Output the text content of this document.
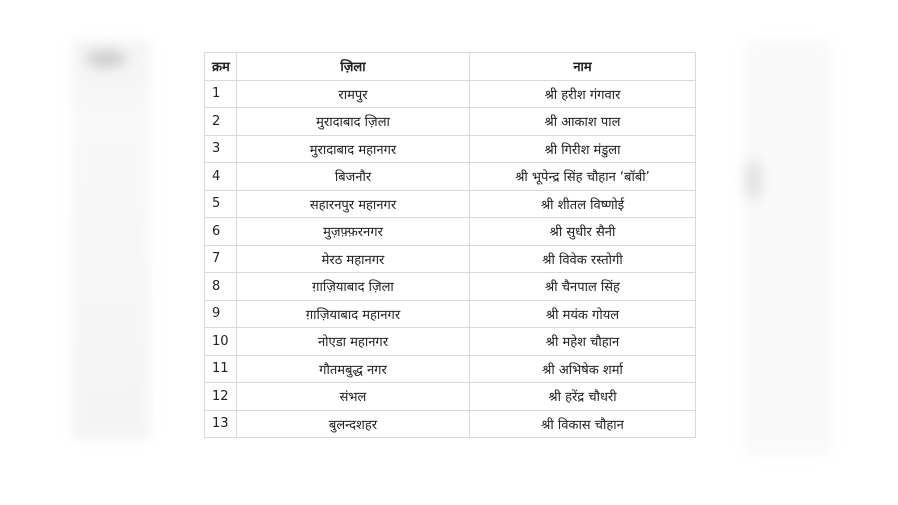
क्रम	ज़िला	नाम
1	रामपुर	श्री हरीश गंगवार
2	मुरादाबाद ज़िला	श्री आकाश पाल
3	मुरादाबाद महानगर	श्री गिरीश मंडुला
4	बिजनौर	श्री भूपेन्द्र सिंह चौहान ‘बॉबी’
5	सहारनपुर महानगर	श्री शीतल विष्णोई
6	मुज़फ़्फ़रनगर	श्री सुधीर सैनी
7	मेरठ महानगर	श्री विवेक रस्तोगी
8	ग़ाज़ियाबाद ज़िला	श्री चैनपाल सिंह
9	ग़ाज़ियाबाद महानगर	श्री मयंक गोयल
10	नोएडा महानगर	श्री महेश चौहान
11	गौतमबुद्ध नगर	श्री अभिषेक शर्मा
12	संभल	श्री हरेंद्र चौधरी
13	बुलन्दशहर	श्री विकास चौहान
